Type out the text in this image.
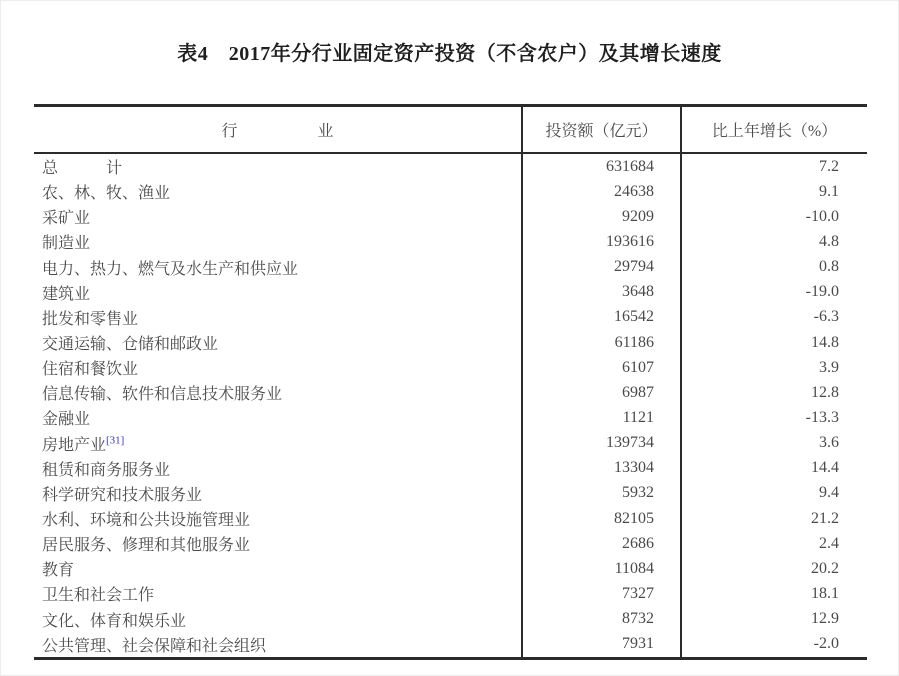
表4　2017年分行业固定资产投资（不含农户）及其增长速度
行　　　　　业	投资额（亿元）	比上年增长（%）
总　　　计	631684	7.2
农、林、牧、渔业	24638	9.1
采矿业	9209	-10.0
制造业	193616	4.8
电力、热力、燃气及水生产和供应业	29794	0.8
建筑业	3648	-19.0
批发和零售业	16542	-6.3
交通运输、仓储和邮政业	61186	14.8
住宿和餐饮业	6107	3.9
信息传输、软件和信息技术服务业	6987	12.8
金融业	1121	-13.3
房地产业[31]	139734	3.6
租赁和商务服务业	13304	14.4
科学研究和技术服务业	5932	9.4
水利、环境和公共设施管理业	82105	21.2
居民服务、修理和其他服务业	2686	2.4
教育	11084	20.2
卫生和社会工作	7327	18.1
文化、体育和娱乐业	8732	12.9
公共管理、社会保障和社会组织	7931	-2.0
